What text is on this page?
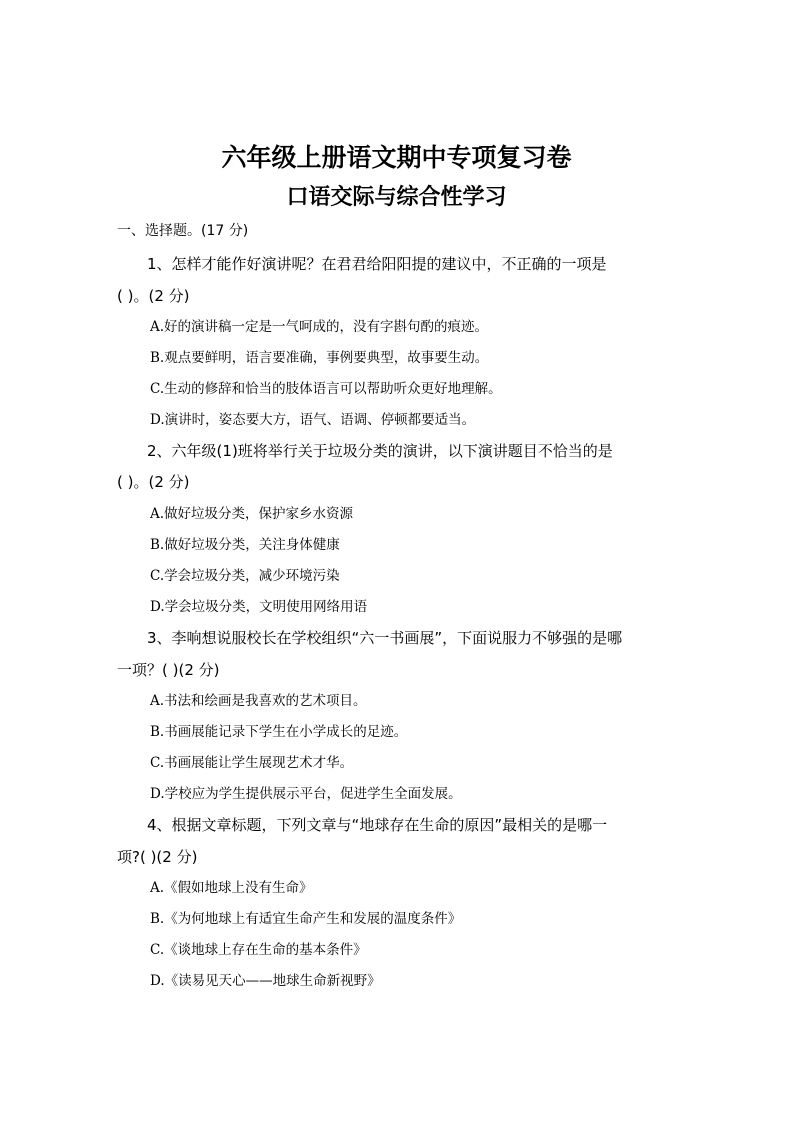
六年级上册语文期中专项复习卷
口语交际与综合性学习
一、选择题。(17 分)
1、怎样才能作好演讲呢？在君君给阳阳提的建议中，不正确的一项是
( )。(2 分)
A.好的演讲稿一定是一气呵成的，没有字斟句酌的痕迹。
B.观点要鲜明，语言要准确，事例要典型，故事要生动。
C.生动的修辞和恰当的肢体语言可以帮助听众更好地理解。
D.演讲时，姿态要大方，语气、语调、停顿都要适当。
2、六年级(1)班将举行关于垃圾分类的演讲，以下演讲题目不恰当的是
( )。(2 分)
A.做好垃圾分类，保护家乡水资源
B.做好垃圾分类，关注身体健康
C.学会垃圾分类，减少环境污染
D.学会垃圾分类，文明使用网络用语
3、李响想说服校长在学校组织“六一书画展”，下面说服力不够强的是哪
一项？( )(2 分)
A.书法和绘画是我喜欢的艺术项目。
B.书画展能记录下学生在小学成长的足迹。
C.书画展能让学生展现艺术才华。
D.学校应为学生提供展示平台，促进学生全面发展。
4、根据文章标题，下列文章与“地球存在生命的原因”最相关的是哪一
项?( )(2 分)
A.《假如地球上没有生命》
B.《为何地球上有适宜生命产生和发展的温度条件》
C.《谈地球上存在生命的基本条件》
D.《读易见天心——地球生命新视野》
